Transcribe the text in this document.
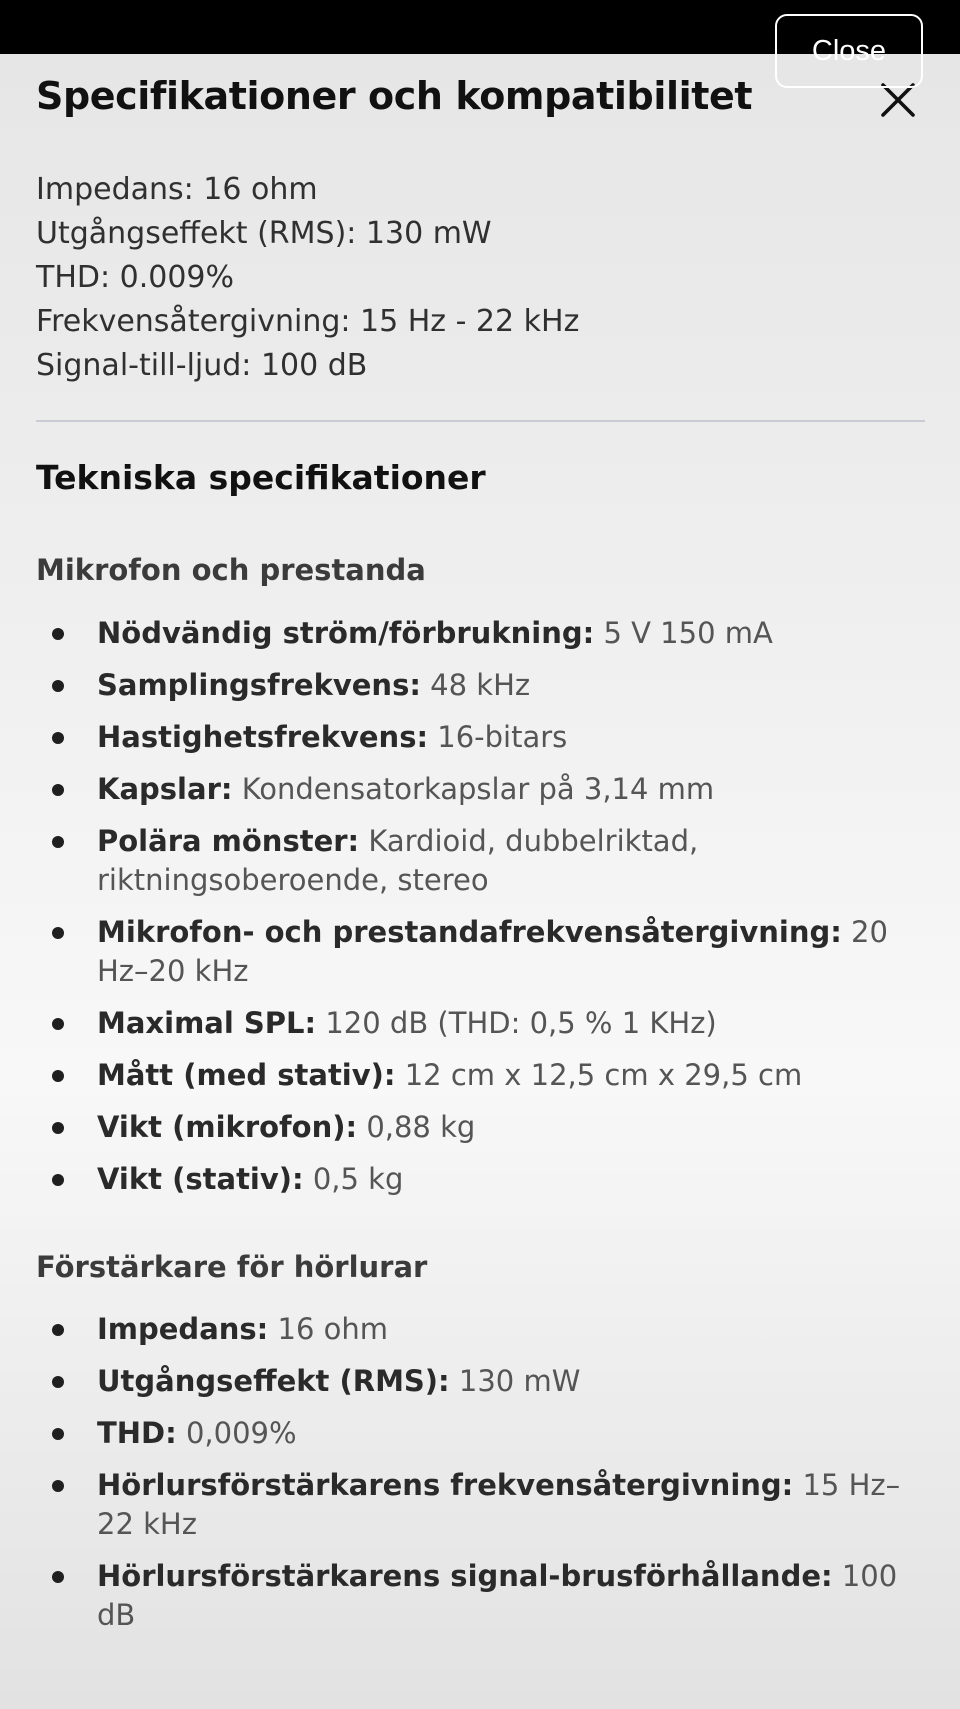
Close
Specifikationer och kompatibilitet
Impedans: 16 ohm
Utgångseffekt (RMS): 130 mW
THD: 0.009%
Frekvensåtergivning: 15 Hz - 22 kHz
Signal-till-ljud: 100 dB
Tekniska specifikationer
Mikrofon och prestanda
Nödvändig ström/förbrukning: 5 V 150 mA
Samplingsfrekvens: 48 kHz
Hastighetsfrekvens: 16-bitars
Kapslar: Kondensatorkapslar på 3,14 mm
Polära mönster: Kardioid, dubbelriktad, riktningsoberoende, stereo
Mikrofon- och prestandafrekvensåtergivning: 20 Hz–20 kHz
Maximal SPL: 120 dB (THD: 0,5 % 1 KHz)
Mått (med stativ): 12 cm x 12,5 cm x 29,5 cm
Vikt (mikrofon): 0,88 kg
Vikt (stativ): 0,5 kg
Förstärkare för hörlurar
Impedans: 16 ohm
Utgångseffekt (RMS): 130 mW
THD: 0,009%
Hörlursförstärkarens frekvensåtergivning: 15 Hz–22 kHz
Hörlursförstärkarens signal-brusförhållande: 100 dB
